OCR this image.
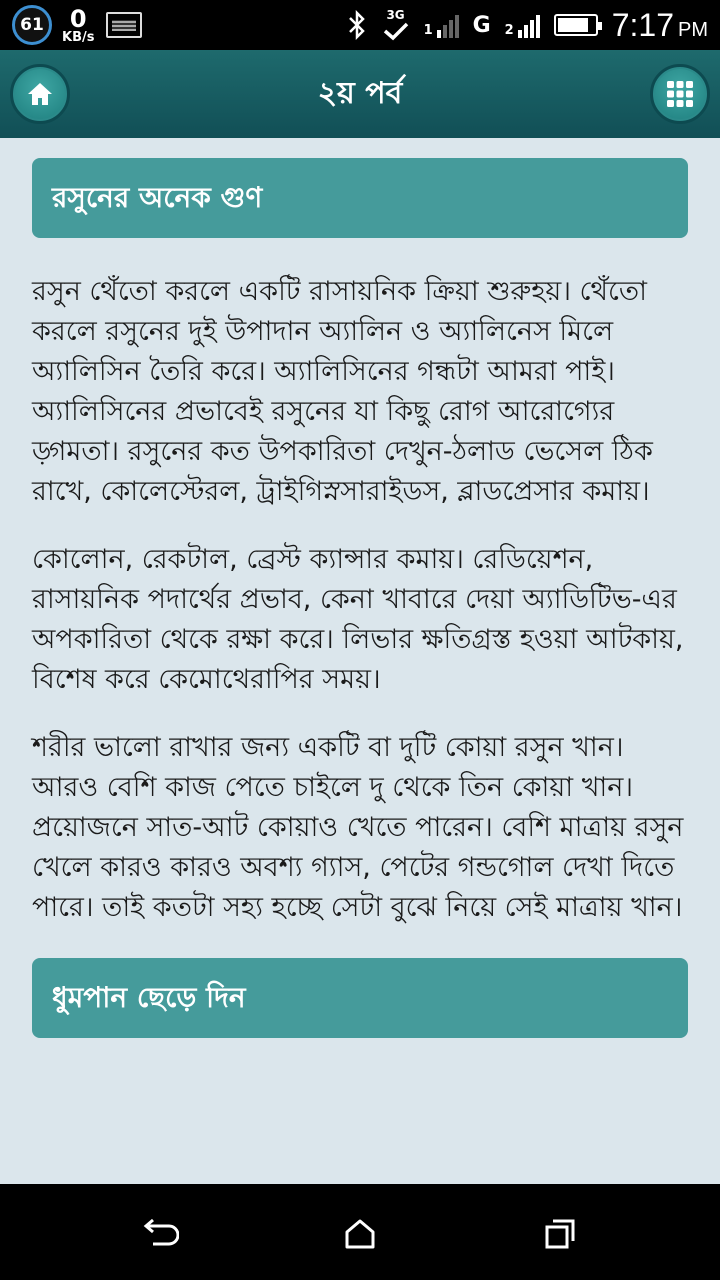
61	0
KB/s
3G
1 G 2	7:17 PM
২য় পর্ব
রসুনের অনেক গুণ

রসুন থেঁতো করলে একটি রাসায়নিক ক্রিয়া শুরুহয়। থেঁতো করলে রসুনের দুই উপাদান অ্যালিন ও অ্যালিনেস মিলে অ্যালিসিন তৈরি করে। অ্যালিসিনের গন্ধটা আমরা পাই। অ্যালিসিনের প্রভাবেই রসুনের যা কিছু রোগ আরোগ্যের ড়্গমতা। রসুনের কত উপকারিতা দেখুন-ঠলাড ভেসেল ঠিক রাখে, কোলেস্টেরল, ট্রাইগিস্নসারাইডস, ব্লাডপ্রেসার কমায়।

কোলোন, রেকটাল, ব্রেস্ট ক্যান্সার কমায়। রেডিয়েশন, রাসায়নিক পদার্থের প্রভাব, কেনা খাবারে দেয়া অ্যাডিটিভ-এর অপকারিতা থেকে রক্ষা করে। লিভার ক্ষতিগ্রস্ত হওয়া আটকায়, বিশেষ করে কেমোথেরাপির সময়।

শরীর ভালো রাখার জন্য একটি বা দুটি কোয়া রসুন খান। আরও বেশি কাজ পেতে চাইলে দু থেকে তিন কোয়া খান। প্রয়োজনে সাত-আট কোয়াও খেতে পারেন। বেশি মাত্রায় রসুন খেলে কারও কারও অবশ্য গ্যাস, পেটের গন্ডগোল দেখা দিতে পারে। তাই কতটা সহ্য হচ্ছে সেটা বুঝে নিয়ে সেই মাত্রায় খান।

ধুমপান ছেড়ে দিন
